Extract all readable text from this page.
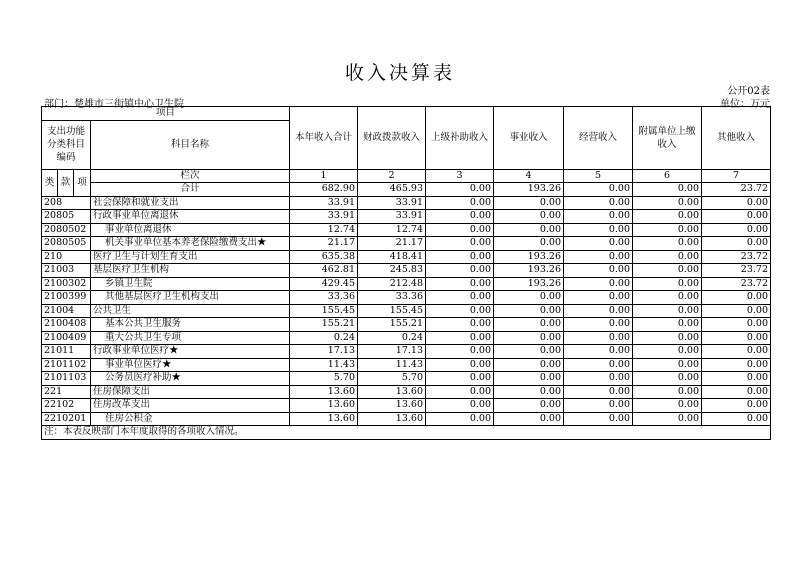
收入决算表
公开02表
部门：楚雄市三街镇中心卫生院	单位：万元
项目				本年收入合计	财政拨款收入	上级补助收入	事业收入	经营收入	附属单位上缴收入	其他收入
支出功能分类科目编码			科目名称							
类	款	项	栏次	1	2	3	4	5	6	7
			合计	682.90	465.93	0.00	193.26	0.00	0.00	23.72
208			社会保障和就业支出	33.91	33.91	0.00	0.00	0.00	0.00	0.00
20805			行政事业单位离退休	33.91	33.91	0.00	0.00	0.00	0.00	0.00
2080502			事业单位离退休	12.74	12.74	0.00	0.00	0.00	0.00	0.00
2080505			机关事业单位基本养老保险缴费支出★	21.17	21.17	0.00	0.00	0.00	0.00	0.00
210			医疗卫生与计划生育支出	635.38	418.41	0.00	193.26	0.00	0.00	23.72
21003			基层医疗卫生机构	462.81	245.83	0.00	193.26	0.00	0.00	23.72
2100302			乡镇卫生院	429.45	212.48	0.00	193.26	0.00	0.00	23.72
2100399			其他基层医疗卫生机构支出	33.36	33.36	0.00	0.00	0.00	0.00	0.00
21004			公共卫生	155.45	155.45	0.00	0.00	0.00	0.00	0.00
2100408			基本公共卫生服务	155.21	155.21	0.00	0.00	0.00	0.00	0.00
2100409			重大公共卫生专项	0.24	0.24	0.00	0.00	0.00	0.00	0.00
21011			行政事业单位医疗★	17.13	17.13	0.00	0.00	0.00	0.00	0.00
2101102			事业单位医疗★	11.43	11.43	0.00	0.00	0.00	0.00	0.00
2101103			公务员医疗补助★	5.70	5.70	0.00	0.00	0.00	0.00	0.00
221			住房保障支出	13.60	13.60	0.00	0.00	0.00	0.00	0.00
22102			住房改革支出	13.60	13.60	0.00	0.00	0.00	0.00	0.00
2210201			住房公积金	13.60	13.60	0.00	0.00	0.00	0.00	0.00
注：本表反映部门本年度取得的各项收入情况。										
